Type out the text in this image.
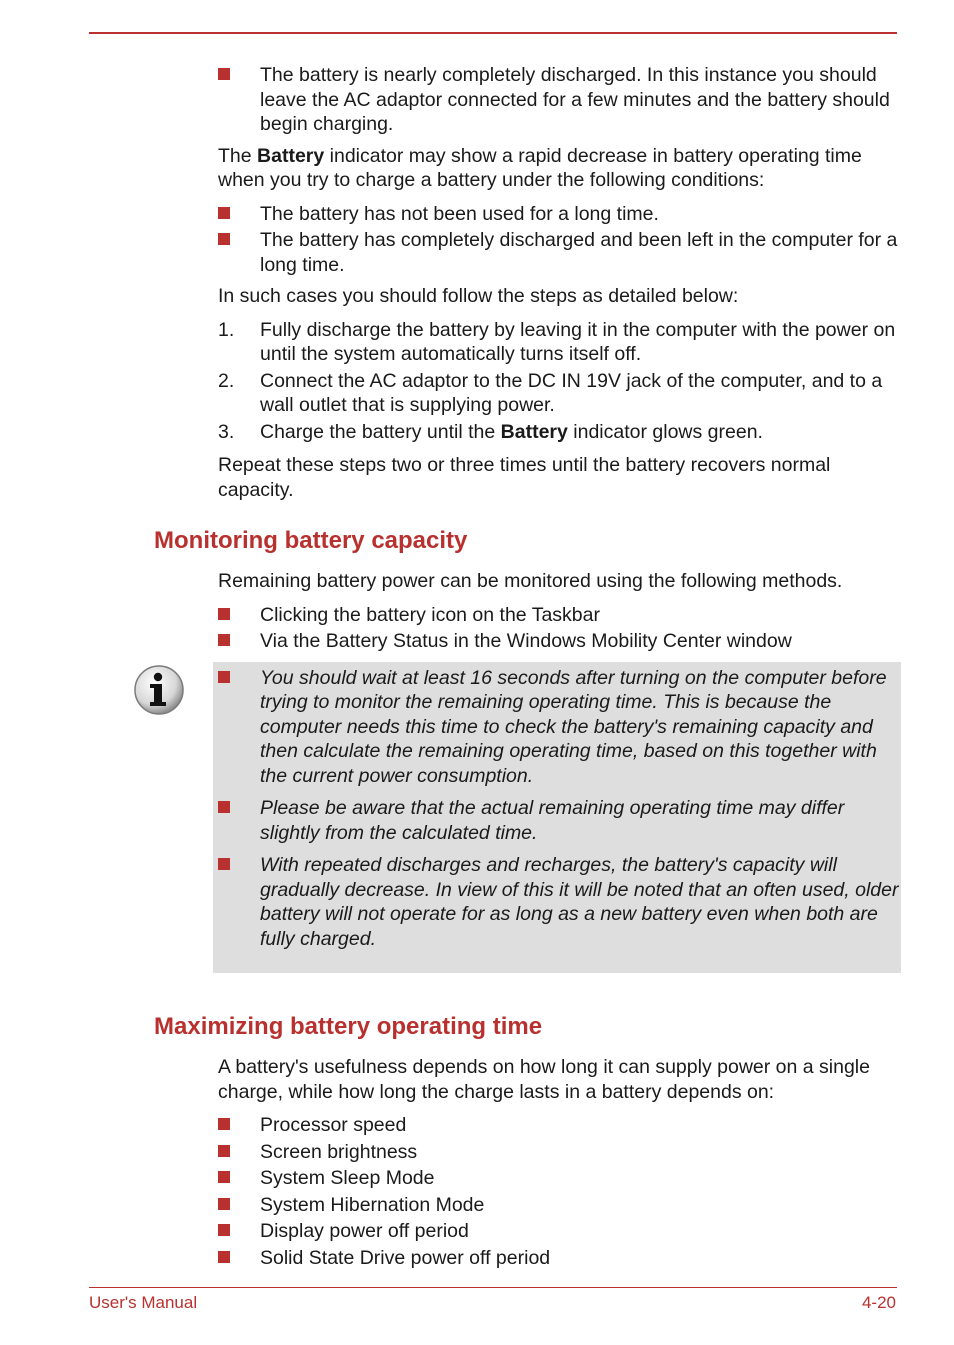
The battery is nearly completely discharged. In this instance you should leave the AC adaptor connected for a few minutes and the battery should begin charging.

The Battery indicator may show a rapid decrease in battery operating time when you try to charge a battery under the following conditions:

The battery has not been used for a long time.
The battery has completely discharged and been left in the computer for a long time.

In such cases you should follow the steps as detailed below:

1. Fully discharge the battery by leaving it in the computer with the power on until the system automatically turns itself off.
2. Connect the AC adaptor to the DC IN 19V jack of the computer, and to a wall outlet that is supplying power.
3. Charge the battery until the Battery indicator glows green.

Repeat these steps two or three times until the battery recovers normal capacity.

Monitoring battery capacity

Remaining battery power can be monitored using the following methods.

Clicking the battery icon on the Taskbar
Via the Battery Status in the Windows Mobility Center window
You should wait at least 16 seconds after turning on the computer before trying to monitor the remaining operating time. This is because the computer needs this time to check the battery's remaining capacity and then calculate the remaining operating time, based on this together with the current power consumption.
Please be aware that the actual remaining operating time may differ slightly from the calculated time.
With repeated discharges and recharges, the battery's capacity will gradually decrease. In view of this it will be noted that an often used, older battery will not operate for as long as a new battery even when both are fully charged.
Maximizing battery operating time

A battery's usefulness depends on how long it can supply power on a single charge, while how long the charge lasts in a battery depends on:

Processor speed
Screen brightness
System Sleep Mode
System Hibernation Mode
Display power off period
Solid State Drive power off period
User's Manual	4-20
